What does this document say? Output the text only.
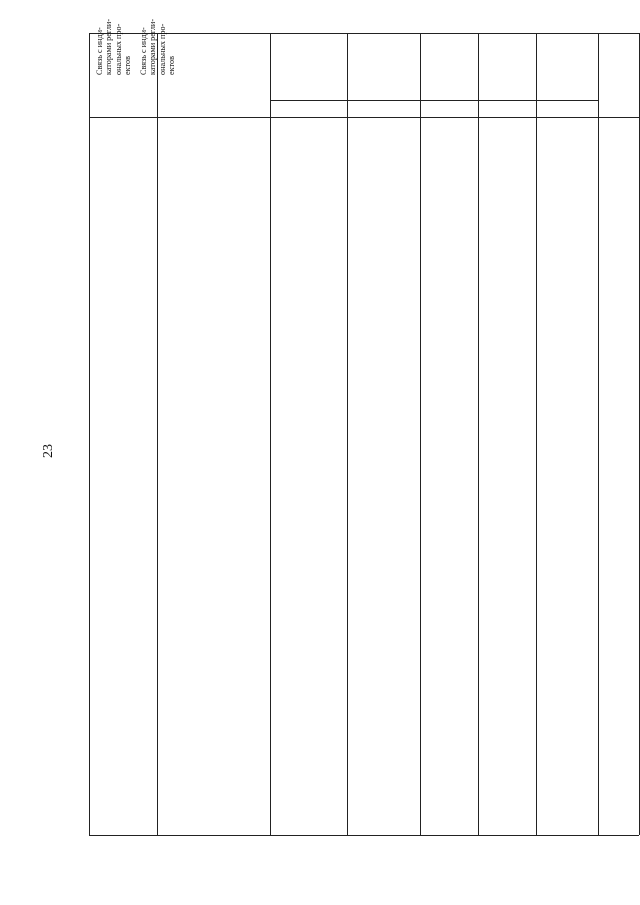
23
Связь с инди-
каторами регли-
ональных про-
ектов Связь с инди-
каторами регли-
ональных про-
ектов
